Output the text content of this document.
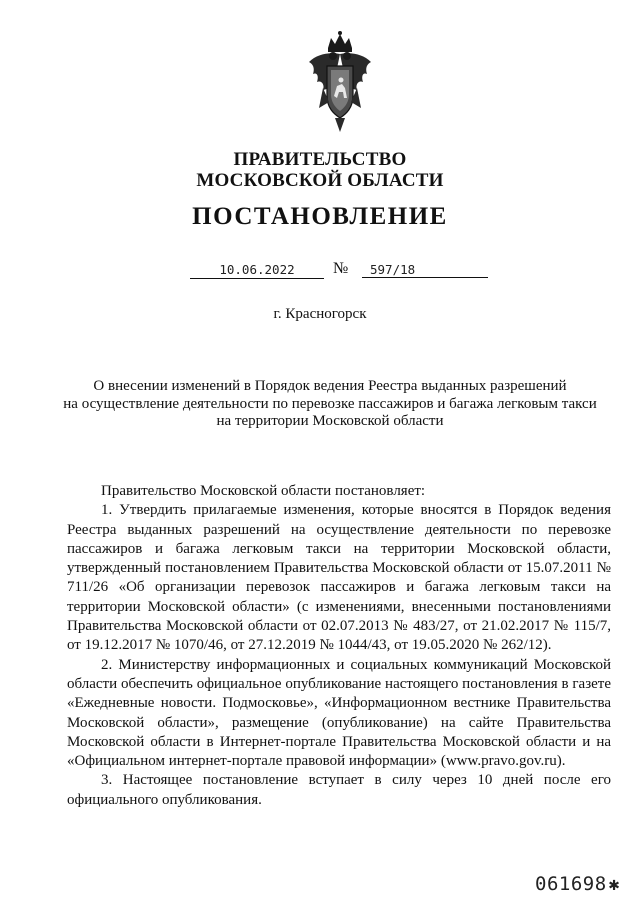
ПРАВИТЕЛЬСТВО
МОСКОВСКОЙ ОБЛАСТИ
ПОСТАНОВЛЕНИЕ
10.06.2022	№	597/18
г. Красногорск
О внесении изменений в Порядок ведения Реестра выданных разрешений
на осуществление деятельности по перевозке пассажиров и багажа легковым такси
на территории Московской области

Правительство Московской области постановляет:

1. Утвердить прилагаемые изменения, которые вносятся в Порядок ведения Реестра выданных разрешений на осуществление деятельности по перевозке пассажиров и багажа легковым такси на территории Московской области, утвержденный постановлением Правительства Московской области от 15.07.2011 № 711/26 «Об организации перевозок пассажиров и багажа легковым такси на территории Московской области» (с изменениями, внесенными постановлениями Правительства Московской области от 02.07.2013 № 483/27, от 21.02.2017 № 115/7, от 19.12.2017 № 1070/46, от 27.12.2019 № 1044/43, от 19.05.2020 № 262/12).

2. Министерству информационных и социальных коммуникаций Московской области обеспечить официальное опубликование настоящего постановления в газете «Ежедневные новости. Подмосковье», «Информационном вестнике Правительства Московской области», размещение (опубликование) на сайте Правительства Московской области в Интернет-портале Правительства Московской области и на «Официальном интернет-портале правовой информации» (www.pravo.gov.ru).

3. Настоящее постановление вступает в силу через 10 дней после его официального опубликования.

061698 ✱
